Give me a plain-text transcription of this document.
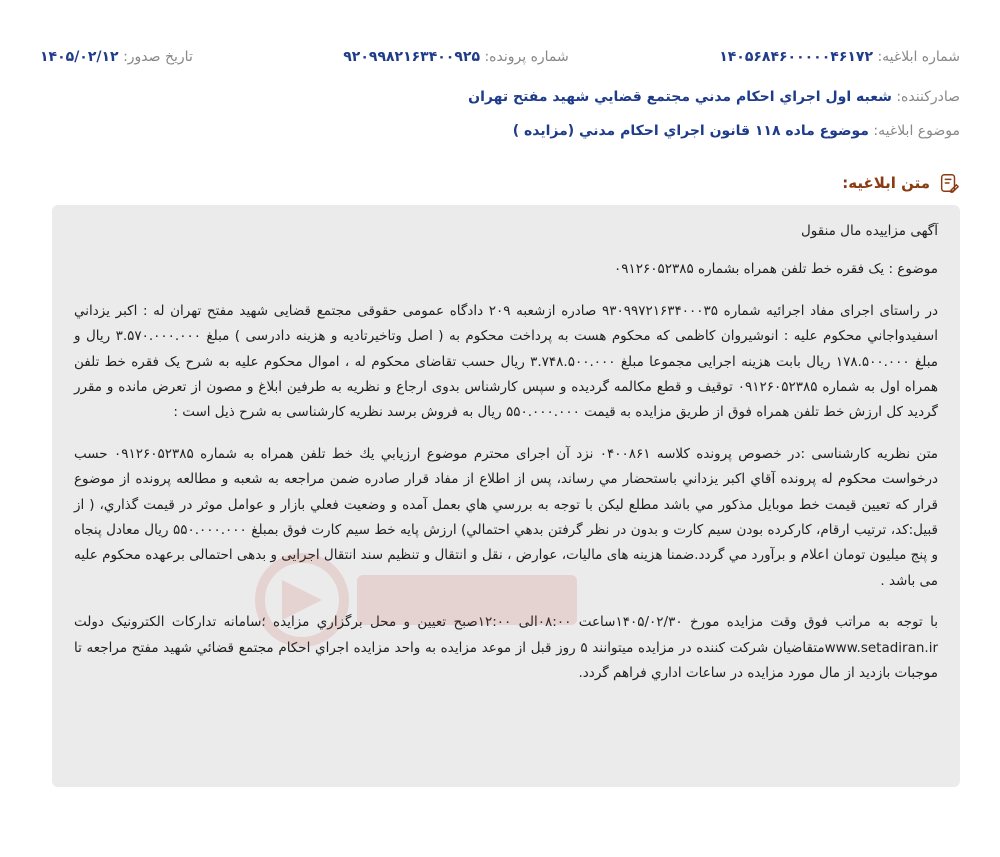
شماره ابلاغيه: ۱۴۰۵۶۸۴۶۰۰۰۰۰۴۶۱۷۲
شماره پرونده: ۹۲۰۹۹۸۲۱۶۳۴۰۰۹۲۵
تاريخ صدور: ۱۴۰۵/۰۲/۱۲
صادرکننده: شعبه اول اجراي احکام مدني مجتمع قضايي شهيد مفتح تهران
موضوع ابلاغيه: موضوع ماده ۱۱۸ قانون اجراي احکام مدني (مزايده )
متن ابلاغيه:

آگهی مزاییده مال منقول

موضوع : یک فقره خط تلفن همراه بشماره ۰۹۱۲۶۰۵۲۳۸۵

در راستای اجرای مفاد اجرائیه شماره ۹۳۰۹۹۷۲۱۶۳۴۰۰۰۳۵ صادره ازشعبه ۲۰۹ دادگاه عمومی حقوقی مجتمع قضایی شهید مفتح تهران له : اکبر یزداني اسفیدواجاني محکوم علیه : انوشیروان کاظمی که محکوم هست به پرداخت محکوم به ( اصل وتاخیرتادیه و هزینه دادرسی ) مبلغ ۳.۵۷۰.۰۰۰.۰۰۰ ریال و مبلغ ۱۷۸.۵۰۰.۰۰۰ ریال بابت هزینه اجرایی مجموعا مبلغ ۳.۷۴۸.۵۰۰.۰۰۰ ریال حسب تقاضای محکوم له ، اموال محکوم علیه به شرح یک فقره خط تلفن همراه اول به شماره ۰۹۱۲۶۰۵۲۳۸۵ توقیف و قطع مکالمه گردیده و سپس کارشناس بدوی ارجاع و نظریه به طرفین ابلاغ و مصون از تعرض مانده و مقرر گردید کل ارزش خط تلفن همراه فوق از طریق مزایده به قیمت ۵۵۰.۰۰۰.۰۰۰ ریال به فروش برسد نظریه کارشناسی به شرح ذیل است :

متن نظریه کارشناسی :در خصوص پرونده کلاسه ۰۴۰۰۸۶۱ نزد آن اجرای محترم موضوع ارزيابي يك خط تلفن همراه به شماره ۰۹۱۲۶۰۵۲۳۸۵ حسب درخواست محکوم له پرونده آقاي اکبر يزداني باستحضار مي رساند، پس از اطلاع از مفاد قرار صادره ضمن مراجعه به شعبه و مطالعه پرونده از موضوع قرار که تعيين قيمت خط موبايل مذکور مي باشد مطلع ليکن با توجه به بررسي هاي بعمل آمده و وضعيت فعلي بازار و عوامل موثر در قيمت گذاري، ( از قبيل:کد، ترتيب ارقام، کارکرده بودن سيم کارت و بدون در نظر گرفتن بدهي احتمالي) ارزش پايه خط سيم کارت فوق بمبلغ ۵۵۰.۰۰۰.۰۰۰ ریال معادل پنجاه و پنج ميليون تومان اعلام و برآورد مي گردد.ضمنا هزینه های مالیات، عوارض ، نقل و انتقال و تنظيم سند انتقال اجرایی و بدهی احتمالی برعهده محکوم علیه می باشد .

با توجه به مراتب فوق وقت مزايده مورخ ۱۴۰۵/۰۲/۳۰ساعت ۰۸:۰۰الی ۱۲:۰۰صبح تعیین و محل برگزاري مزايده ؛سامانه تدارکات الکترونيک دولت www.setadiran.irمتقاضيان شرکت کننده در مزايده ميتوانند ۵ روز قبل از موعد مزايده به واحد مزايده اجراي احکام مجتمع قضائي شهيد مفتح مراجعه تا موجبات بازديد از مال مورد مزايده در ساعات اداري فراهم گردد.
